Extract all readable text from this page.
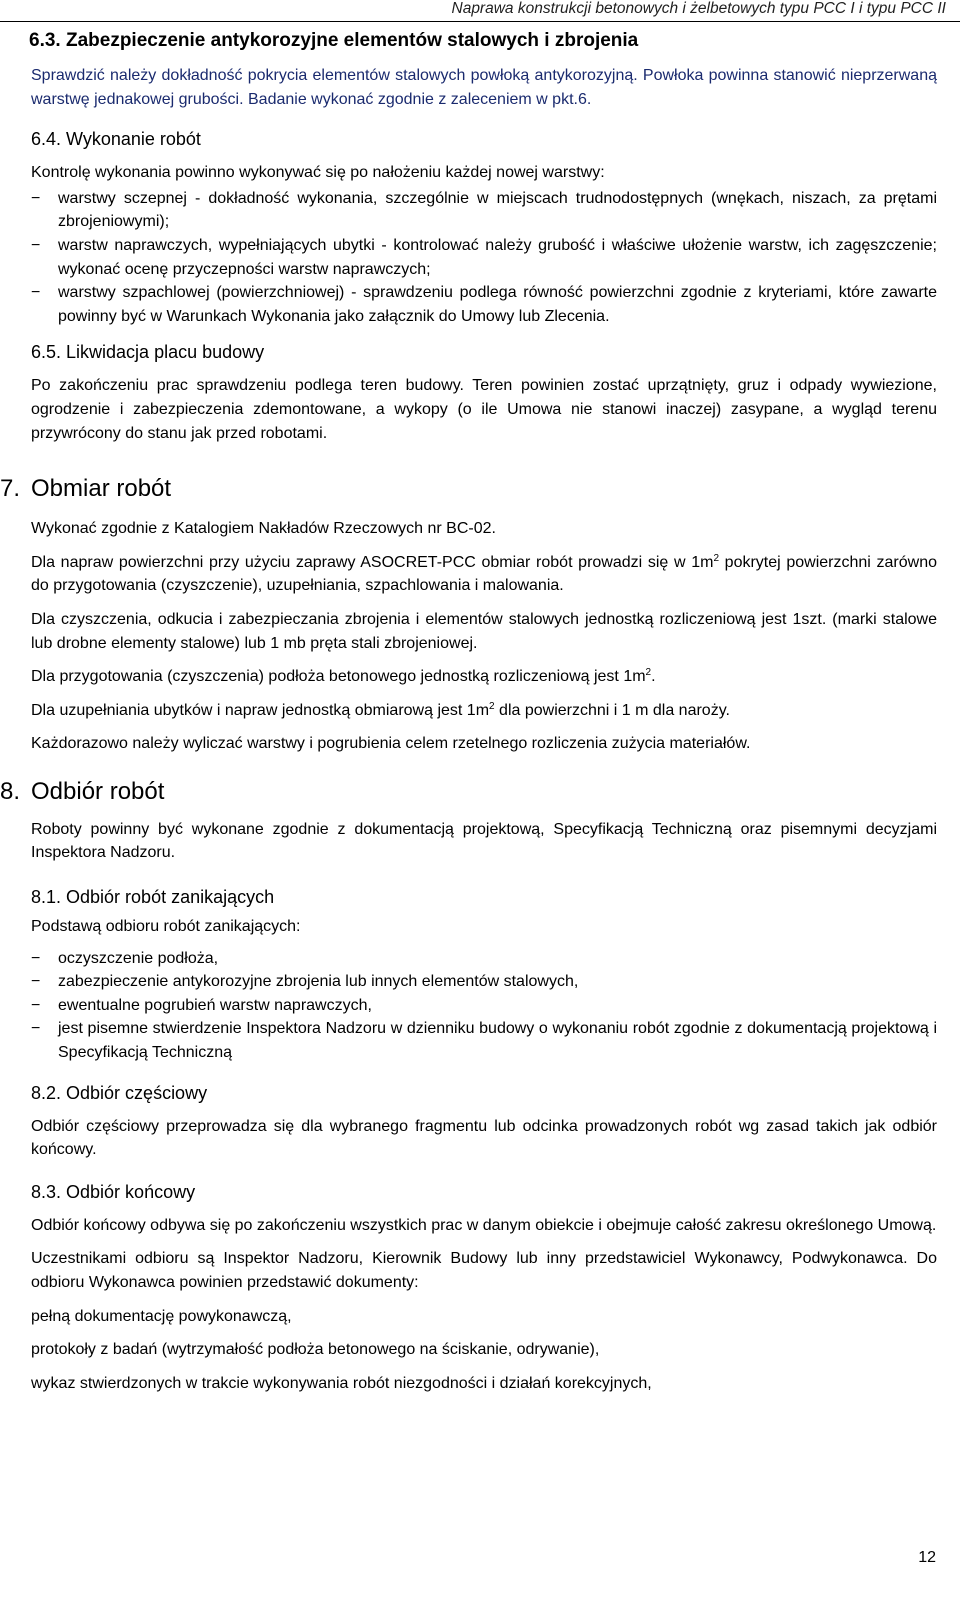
Naprawa konstrukcji betonowych i żelbetowych typu PCC I i typu PCC II
6.3. Zabezpieczenie antykorozyjne elementów stalowych i zbrojenia

Sprawdzić należy dokładność pokrycia elementów stalowych powłoką antykorozyjną. Powłoka powinna stanowić nieprzerwaną warstwę jednakowej grubości. Badanie wykonać zgodnie z zaleceniem w pkt.6.

6.4. Wykonanie robót

Kontrolę wykonania powinno wykonywać się po nałożeniu każdej nowej warstwy:

− warstwy sczepnej - dokładność wykonania, szczególnie w miejscach trudnodostępnych (wnękach, niszach, za prętami zbrojeniowymi);
− warstw naprawczych, wypełniających ubytki - kontrolować należy grubość i właściwe ułożenie warstw, ich zagęszczenie; wykonać ocenę przyczepności warstw naprawczych;
− warstwy szpachlowej (powierzchniowej) - sprawdzeniu podlega równość powierzchni zgodnie z kryteriami, które zawarte powinny być w Warunkach Wykonania jako załącznik do Umowy lub Zlecenia.
6.5. Likwidacja placu budowy

Po zakończeniu prac sprawdzeniu podlega teren budowy. Teren powinien zostać uprzątnięty, gruz i odpady wywiezione, ogrodzenie i zabezpieczenia zdemontowane, a wykopy (o ile Umowa nie stanowi inaczej) zasypane, a wygląd terenu przywrócony do stanu jak przed robotami.

7. Obmiar robót

Wykonać zgodnie z Katalogiem Nakładów Rzeczowych nr BC-02.

Dla napraw powierzchni przy użyciu zaprawy ASOCRET-PCC obmiar robót prowadzi się w $1m^2$ pokrytej powierzchni zarówno do przygotowania (czyszczenie), uzupełniania, szpachlowania i malowania.

Dla czyszczenia, odkucia i zabezpieczania zbrojenia i elementów stalowych jednostką rozliczeniową jest 1szt. (marki stalowe lub drobne elementy stalowe) lub 1 mb pręta stali zbrojeniowej.

Dla przygotowania (czyszczenia) podłoża betonowego jednostką rozliczeniową jest $1m^2$.

Dla uzupełniania ubytków i napraw jednostką obmiarową jest $1m^2$ dla powierzchni i 1 m dla naroży.

Każdorazowo należy wyliczać warstwy i pogrubienia celem rzetelnego rozliczenia zużycia materiałów.

8. Odbiór robót

Roboty powinny być wykonane zgodnie z dokumentacją projektową, Specyfikacją Techniczną oraz pisemnymi decyzjami Inspektora Nadzoru.

8.1. Odbiór robót zanikających

Podstawą odbioru robót zanikających:

− oczyszczenie podłoża,
− zabezpieczenie antykorozyjne zbrojenia lub innych elementów stalowych,
− ewentualne pogrubień warstw naprawczych,
− jest pisemne stwierdzenie Inspektora Nadzoru w dzienniku budowy o wykonaniu robót zgodnie z dokumentacją projektową i Specyfikacją Techniczną
8.2. Odbiór częściowy

Odbiór częściowy przeprowadza się dla wybranego fragmentu lub odcinka prowadzonych robót wg zasad takich jak odbiór końcowy.

8.3. Odbiór końcowy

Odbiór końcowy odbywa się po zakończeniu wszystkich prac w danym obiekcie i obejmuje całość zakresu określonego Umową.

Uczestnikami odbioru są Inspektor Nadzoru, Kierownik Budowy lub inny przedstawiciel Wykonawcy, Podwykonawca. Do odbioru Wykonawca powinien przedstawić dokumenty:

pełną dokumentację powykonawczą,

protokoły z badań (wytrzymałość podłoża betonowego na ściskanie, odrywanie),

wykaz stwierdzonych w trakcie wykonywania robót niezgodności i działań korekcyjnych,

12
